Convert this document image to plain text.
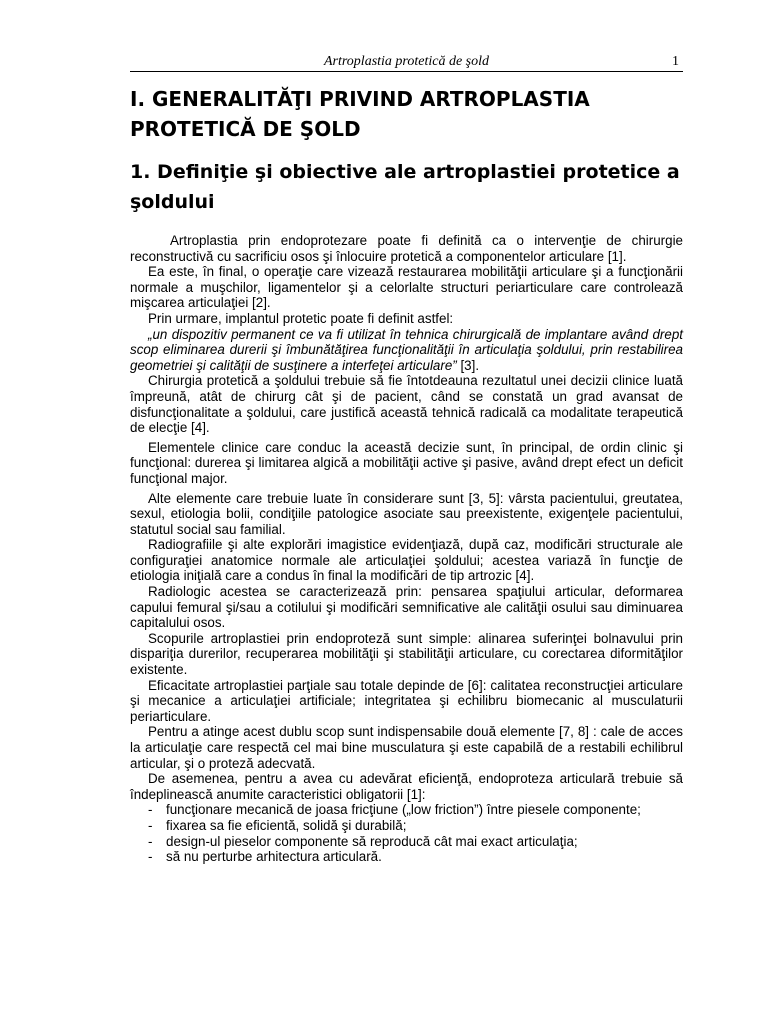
Artroplastia protetică de şold	1
I. GENERALITĂŢI PRIVIND ARTROPLASTIA PROTETICĂ DE ŞOLD
1. Definiţie şi obiective ale artroplastiei protetice a şoldului

Artroplastia prin endoprotezare poate fi definită ca o intervenţie de chirurgie reconstructivă cu sacrificiu osos şi înlocuire protetică a componentelor articulare [1].

Ea este, în final, o operaţie care vizează restaurarea mobilităţii articulare şi a funcţionării normale a muşchilor, ligamentelor şi a celorlalte structuri periarticulare care controlează mişcarea articulaţiei [2].

Prin urmare, implantul protetic poate fi definit astfel:

„un dispozitiv permanent ce va fi utilizat în tehnica chirurgicală de implantare având drept scop eliminarea durerii şi îmbunătăţirea funcţionalităţii în articulaţia şoldului, prin restabilirea geometriei şi calităţii de susţinere a interfeţei articulare” [3].

Chirurgia protetică a şoldului trebuie să fie întotdeauna rezultatul unei decizii clinice luată împreună, atât de chirurg cât şi de pacient, când se constată un grad avansat de disfuncţionalitate a şoldului, care justifică această tehnică radicală ca modalitate terapeutică de elecţie [4].

Elementele clinice care conduc la această decizie sunt, în principal, de ordin clinic şi funcţional: durerea şi limitarea algică a mobilităţii active şi pasive, având drept efect un deficit funcţional major.

Alte elemente care trebuie luate în considerare sunt [3, 5]: vârsta pacientului, greutatea, sexul, etiologia bolii, condiţiile patologice asociate sau preexistente, exigenţele pacientului, statutul social sau familial.

Radiografiile şi alte explorări imagistice evidenţiază, după caz, modificări structurale ale configuraţiei anatomice normale ale articulaţiei şoldului; acestea variază în funcţie de etiologia iniţială care a condus în final la modificări de tip artrozic [4].

Radiologic acestea se caracterizează prin: pensarea spaţiului articular, deformarea capului femural şi/sau a cotilului şi modificări semnificative ale calităţii osului sau diminuarea capitalului osos.

Scopurile artroplastiei prin endoproteză sunt simple: alinarea suferinţei bolnavului prin dispariţia durerilor, recuperarea mobilităţii şi stabilităţii articulare, cu corectarea diformităţilor existente.

Eficacitate artroplastiei parţiale sau totale depinde de [6]: calitatea reconstrucţiei articulare şi mecanice a articulaţiei artificiale; integritatea şi echilibru biomecanic al musculaturii periarticulare.

Pentru a atinge acest dublu scop sunt indispensabile două elemente [7, 8] : cale de acces la articulaţie care respectă cel mai bine musculatura şi este capabilă de a restabili echilibrul articular, şi o proteză adecvată.

De asemenea, pentru a avea cu adevărat eficienţă, endoproteza articulară trebuie să îndeplinească anumite caracteristici obligatorii [1]:

- funcţionare mecanică de joasa fricţiune („low friction”) între piesele componente;
- fixarea sa fie eficientă, solidă şi durabilă;
- design-ul pieselor componente să reproducă cât mai exact articulaţia;
- să nu perturbe arhitectura articulară.
